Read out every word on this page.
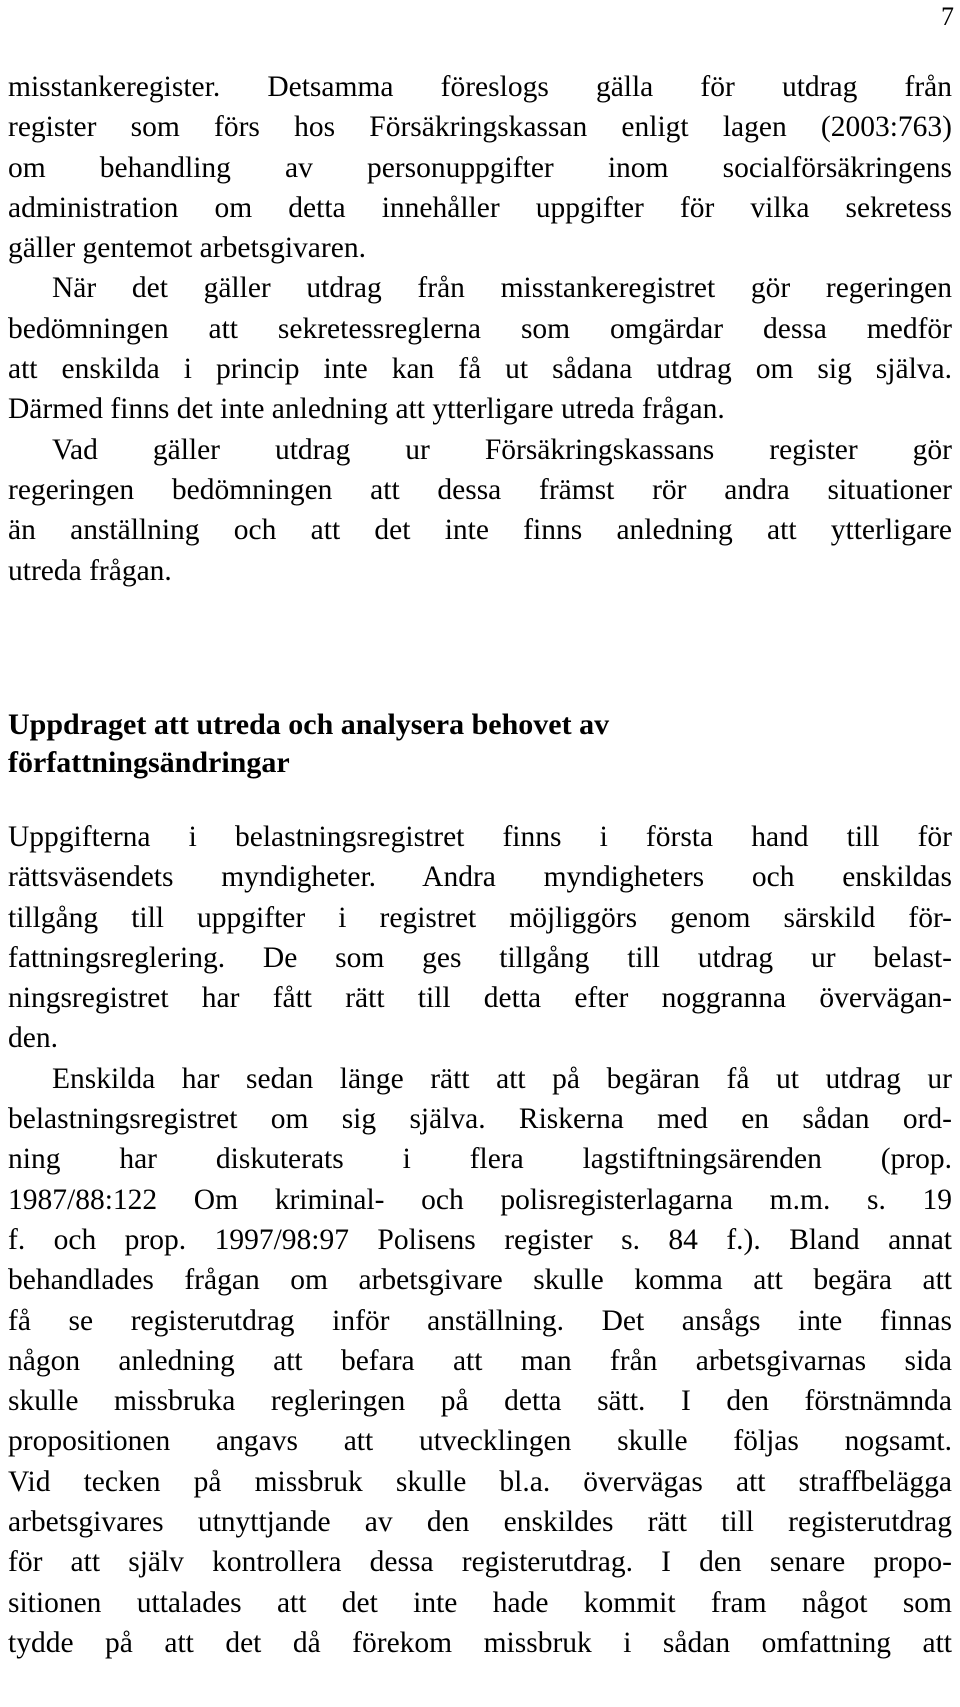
7

misstankeregister. Detsamma föreslogs gälla för utdrag från
register som förs hos Försäkringskassan enligt lagen (2003:763)
om behandling av personuppgifter inom socialförsäkringens
administration om detta innehåller uppgifter för vilka sekretess
gäller gentemot arbetsgivaren.

När det gäller utdrag från misstankeregistret gör regeringen
bedömningen att sekretessreglerna som omgärdar dessa medför
att enskilda i princip inte kan få ut sådana utdrag om sig själva.
Därmed finns det inte anledning att ytterligare utreda frågan.

Vad gäller utdrag ur Försäkringskassans register gör
regeringen bedömningen att dessa främst rör andra situationer
än anställning och att det inte finns anledning att ytterligare
utreda frågan.

Uppdraget att utreda och analysera behovet av
författningsändringar

Uppgifterna i belastningsregistret finns i första hand till för
rättsväsendets myndigheter. Andra myndigheters och enskildas
tillgång till uppgifter i registret möjliggörs genom särskild för-
fattningsreglering. De som ges tillgång till utdrag ur belast-
ningsregistret har fått rätt till detta efter noggranna övervägan-
den.

Enskilda har sedan länge rätt att på begäran få ut utdrag ur
belastningsregistret om sig själva. Riskerna med en sådan ord-
ning har diskuterats i flera lagstiftningsärenden (prop.
1987/88:122 Om kriminal- och polisregisterlagarna m.m. s. 19
f. och prop. 1997/98:97 Polisens register s. 84 f.). Bland annat
behandlades frågan om arbetsgivare skulle komma att begära att
få se registerutdrag inför anställning. Det ansågs inte finnas
någon anledning att befara att man från arbetsgivarnas sida
skulle missbruka regleringen på detta sätt. I den förstnämnda
propositionen angavs att utvecklingen skulle följas nogsamt.
Vid tecken på missbruk skulle bl.a. övervägas att straffbelägga
arbetsgivares utnyttjande av den enskildes rätt till registerutdrag
för att själv kontrollera dessa registerutdrag. I den senare propo-
sitionen uttalades att det inte hade kommit fram något som
tydde på att det då förekom missbruk i sådan omfattning att
